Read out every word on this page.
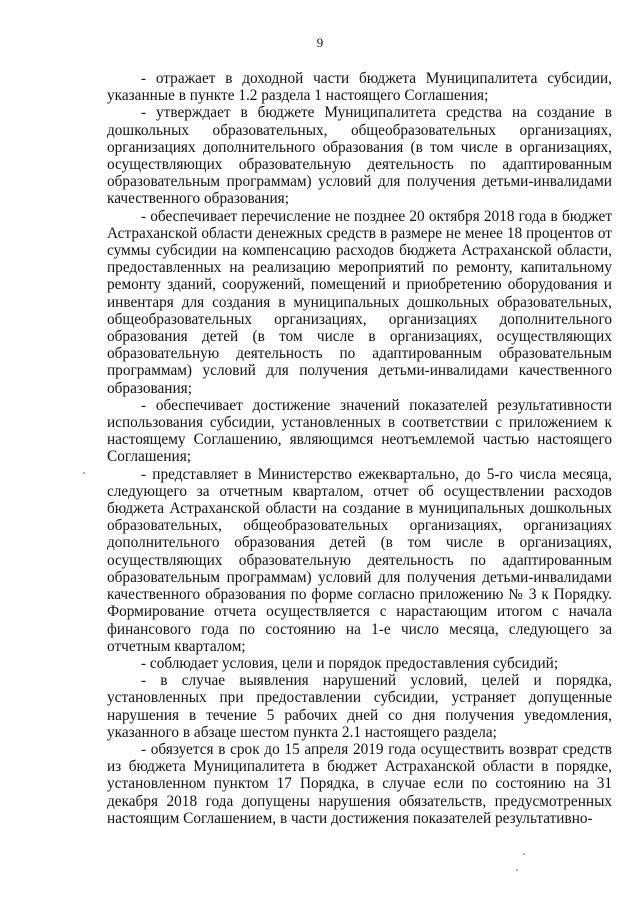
9

- отражает в доходной части бюджета Муниципалитета субсидии, указанные в пункте 1.2 раздела 1 настоящего Соглашения;

- утверждает в бюджете Муниципалитета средства на создание в дошкольных образовательных, общеобразовательных организациях, организациях дополнительного образования (в том числе в организациях, осуществляющих образовательную деятельность по адаптированным образовательным программам) условий для получения детьми-инвалидами качественного образования;

- обеспечивает перечисление не позднее 20 октября 2018 года в бюджет Астраханской области денежных средств в размере не менее 18 процентов от суммы субсидии на компенсацию расходов бюджета Астраханской области, предоставленных на реализацию мероприятий по ремонту, капитальному ремонту зданий, сооружений, помещений и приобретению оборудования и инвентаря для создания в муниципальных дошкольных образовательных, общеобразовательных организациях, организациях дополнительного образования детей (в том числе в организациях, осуществляющих образовательную деятельность по адаптированным образовательным программам) условий для получения детьми-инвалидами качественного образования;

- обеспечивает достижение значений показателей результативности использования субсидии, установленных в соответствии с приложением к настоящему Соглашению, являющимся неотъемлемой частью настоящего Соглашения;

- представляет в Министерство ежеквартально, до 5-го числа месяца, следующего за отчетным кварталом, отчет об осуществлении расходов бюджета Астраханской области на создание в муниципальных дошкольных образовательных, общеобразовательных организациях, организациях дополнительного образования детей (в том числе в организациях, осуществляющих образовательную деятельность по адаптированным образовательным программам) условий для получения детьми-инвалидами качественного образования по форме согласно приложению № 3 к Порядку. Формирование отчета осуществляется с нарастающим итогом с начала финансового года по состоянию на 1-е число месяца, следующего за отчетным кварталом;

- соблюдает условия, цели и порядок предоставления субсидий;

- в случае выявления нарушений условий, целей и порядка, установленных при предоставлении субсидии, устраняет допущенные нарушения в течение 5 рабочих дней со дня получения уведомления, указанного в абзаце шестом пункта 2.1 настоящего раздела;

- обязуется в срок до 15 апреля 2019 года осуществить возврат средств из бюджета Муниципалитета в бюджет Астраханской области в порядке, установленном пунктом 17 Порядка, в случае если по состоянию на 31 декабря 2018 года допущены нарушения обязательств, предусмотренных настоящим Соглашением, в части достижения показателей результативно-
